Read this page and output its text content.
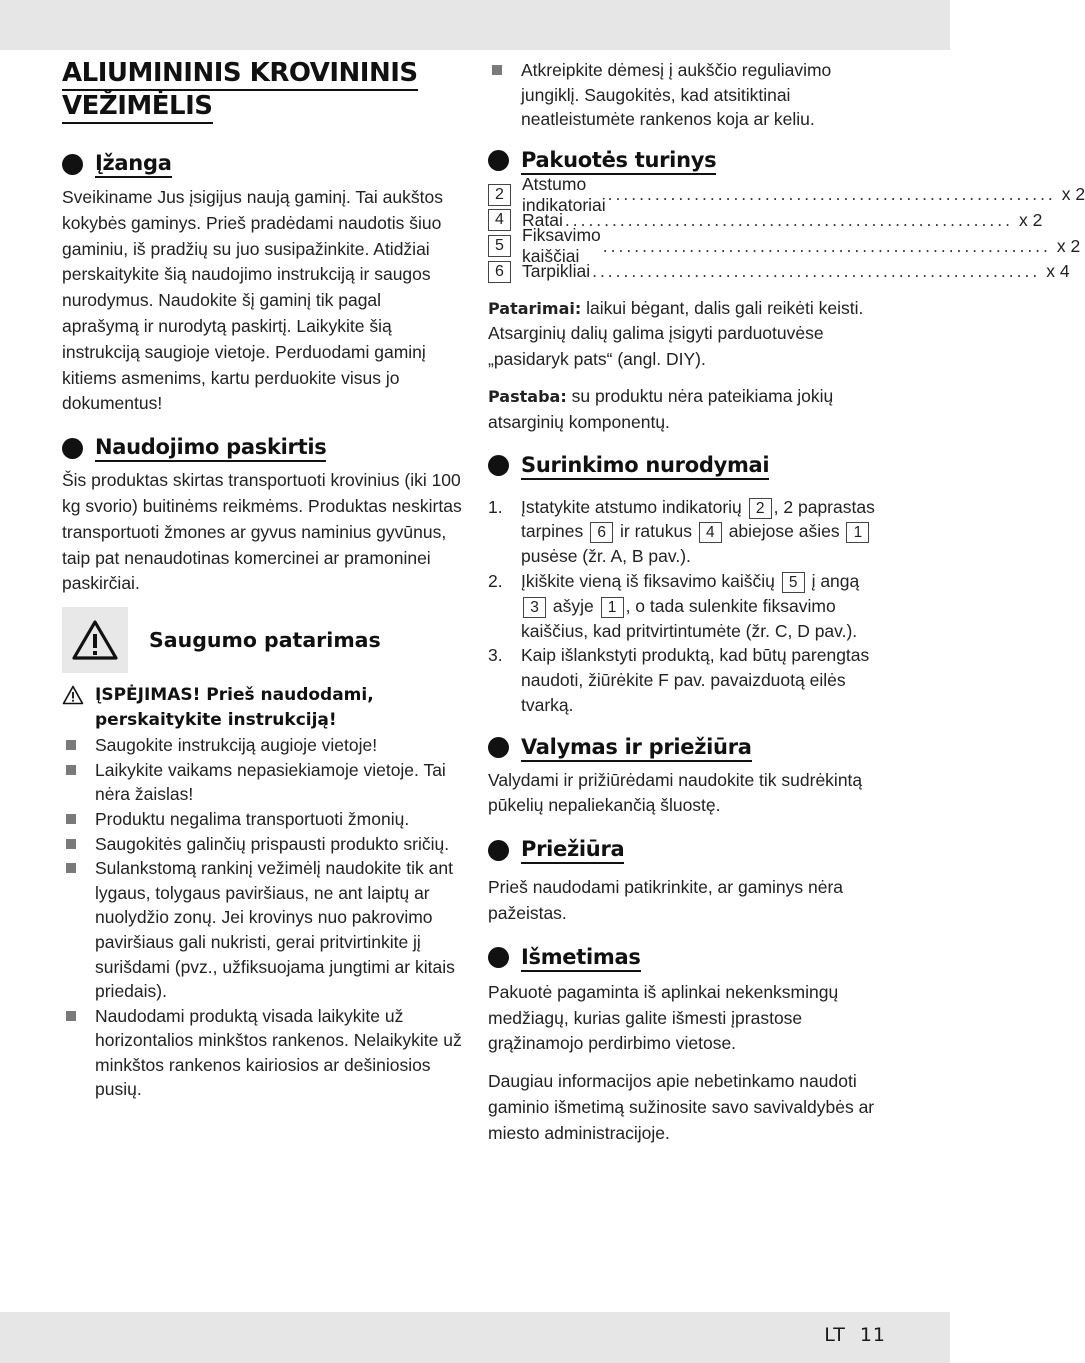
ALIUMININIS KROVININIS
VEŽIMĖLIS
Įžanga

Sveikiname Jus įsigijus naują gaminį. Tai aukštos kokybės gaminys. Prieš pradėdami naudotis šiuo gaminiu, iš pradžių su juo susipažinkite. Atidžiai perskaitykite šią naudojimo instrukciją ir saugos nurodymus. Naudokite šį gaminį tik pagal aprašymą ir nurodytą paskirtį. Laikykite šią instrukciją saugioje vietoje. Perduodami gaminį kitiems asmenims, kartu perduokite visus jo dokumentus!

Naudojimo paskirtis

Šis produktas skirtas transportuoti krovinius (iki 100 kg svorio) buitinėms reikmėms. Produktas neskirtas transportuoti žmones ar gyvus naminius gyvūnus, taip pat nenaudotinas komercinei ar pramoninei paskirčiai.

Saugumo patarimas
ĮSPĖJIMAS! Prieš naudodami, perskaitykite instrukciją!
Saugokite instrukciją augioje vietoje!
Laikykite vaikams nepasiekiamoje vietoje. Tai nėra žaislas!
Produktu negalima transportuoti žmonių.
Saugokitės galinčių prispausti produkto sričių.
Sulankstomą rankinį vežimėlį naudokite tik ant lygaus, tolygaus paviršiaus, ne ant laiptų ar nuolydžio zonų. Jei krovinys nuo pakrovimo paviršiaus gali nukristi, gerai pritvirtinkite jį surišdami (pvz., užfiksuojama jungtimi ar kitais priedais).
Naudodami produktą visada laikykite už horizontalios minkštos rankenos. Nelaikykite už minkštos rankenos kairiosios ar dešiniosios pusių.
Atkreipkite dėmesį į aukščio reguliavimo jungiklį. Saugokitės, kad atsitiktinai neatleistumėte rankenos koja ar keliu.
Pakuotės turinys
2
Atstumo indikatoriai
......................................................... x 2
4	Ratai ......................................................... x 2
5
Fiksavimo kaiščiai
......................................................... x 2
6	Tarpikliai ......................................................... x 4

Patarimai: laikui bėgant, dalis gali reikėti keisti. Atsarginių dalių galima įsigyti parduotuvėse „pasidaryk pats“ (angl. DIY).

Pastaba: su produktu nėra pateikiama jokių atsarginių komponentų.

Surinkimo nurodymai
1. Įstatykite atstumo indikatorių 2 , 2 paprastas tarpines 6 ir ratukus 4 abiejose ašies 1 pusėse (žr. A, B pav.).
2. Įkiškite vieną iš fiksavimo kaiščių 5 į angą 3 ašyje 1 , o tada sulenkite fiksavimo kaiščius, kad pritvirtintumėte (žr. C, D pav.).
3. Kaip išlankstyti produktą, kad būtų parengtas naudoti, žiūrėkite F pav. pavaizduotą eilės tvarką.
Valymas ir priežiūra

Valydami ir prižiūrėdami naudokite tik sudrėkintą pūkelių nepaliekančią šluostę.

Priežiūra

Prieš naudodami patikrinkite, ar gaminys nėra pažeistas.

Išmetimas

Pakuotė pagaminta iš aplinkai nekenksmingų medžiagų, kurias galite išmesti įprastose grąžinamojo perdirbimo vietose.

Daugiau informacijos apie nebetinkamo naudoti gaminio išmetimą sužinosite savo savivaldybės ar miesto administracijoje.

LT 11
